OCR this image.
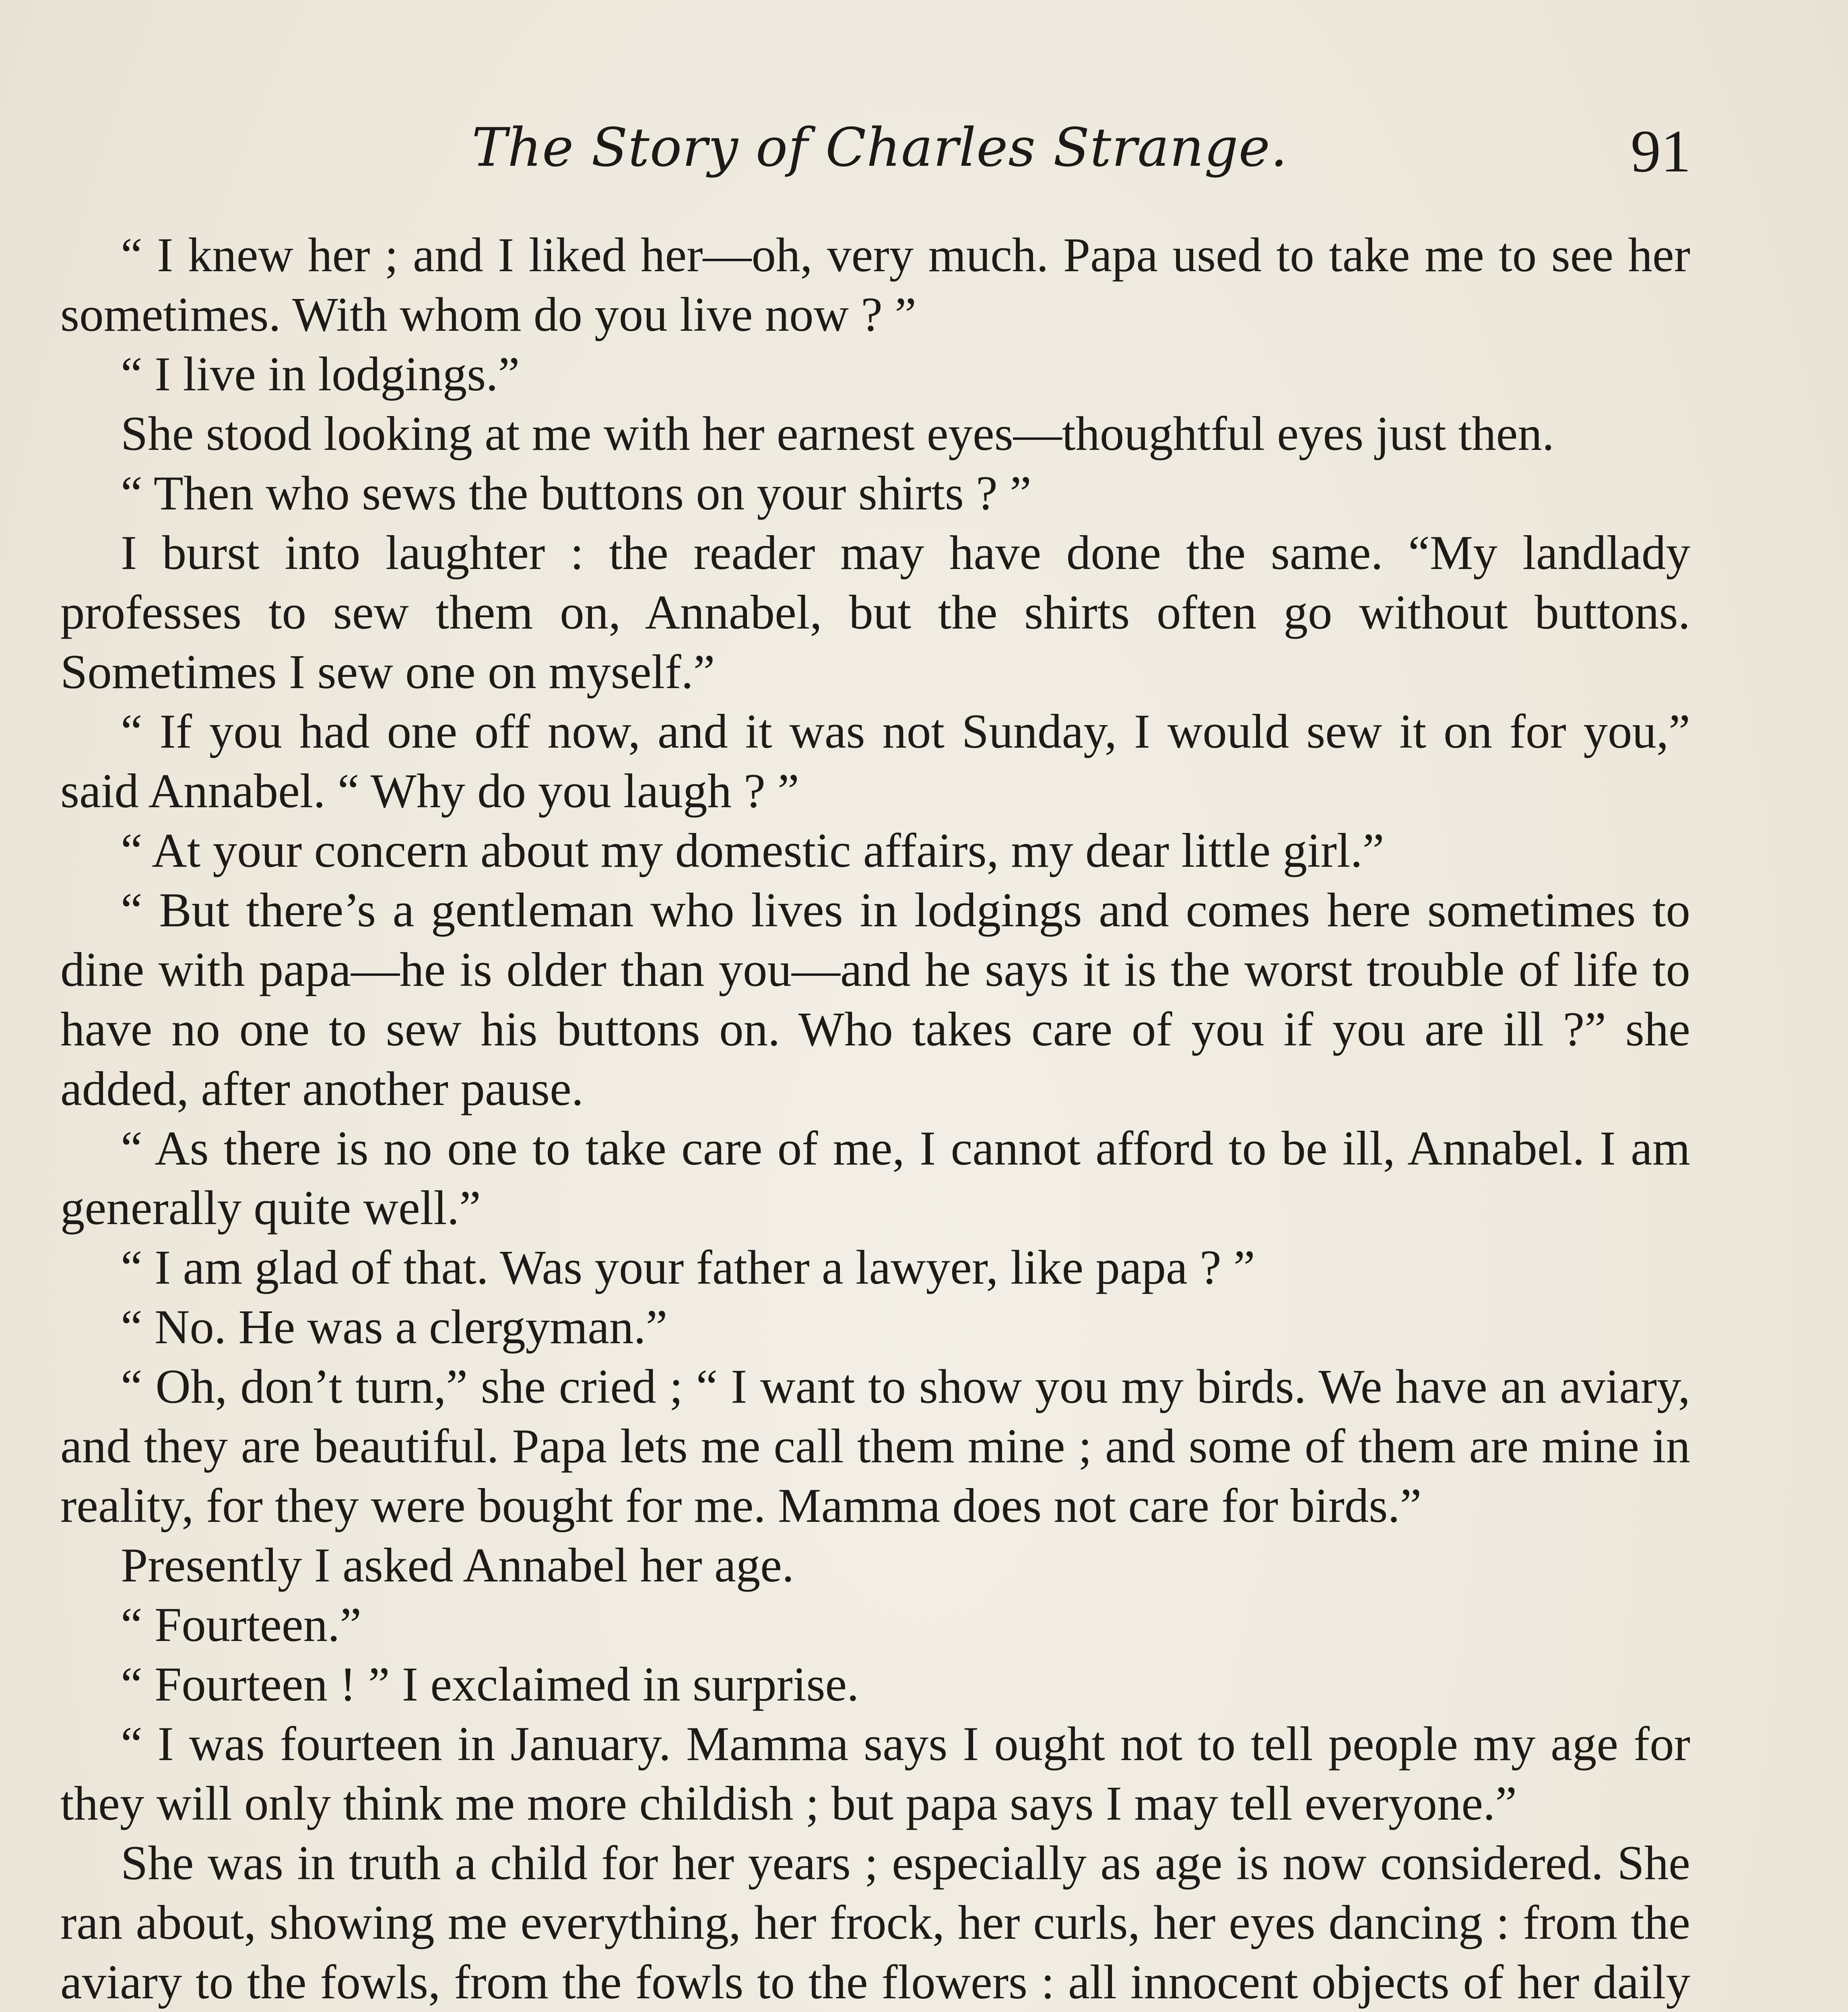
The Story of Charles Strange.	91

“ I knew her ; and I liked her—oh, very much. Papa used to take me to see her sometimes. With whom do you live now ? ”

“ I live in lodgings.”

She stood looking at me with her earnest eyes—thoughtful eyes just then.

“ Then who sews the buttons on your shirts ? ”

I burst into laughter : the reader may have done the same. “My landlady professes to sew them on, Annabel, but the shirts often go without buttons. Sometimes I sew one on myself.”

“ If you had one off now, and it was not Sunday, I would sew it on for you,” said Annabel. “ Why do you laugh ? ”

“ At your concern about my domestic affairs, my dear little girl.”

“ But there’s a gentleman who lives in lodgings and comes here sometimes to dine with papa—he is older than you—and he says it is the worst trouble of life to have no one to sew his buttons on. Who takes care of you if you are ill ?” she added, after another pause.

“ As there is no one to take care of me, I cannot afford to be ill, Annabel. I am generally quite well.”

“ I am glad of that. Was your father a lawyer, like papa ? ”

“ No. He was a clergyman.”

“ Oh, don’t turn,” she cried ; “ I want to show you my birds. We have an aviary, and they are beautiful. Papa lets me call them mine ; and some of them are mine in reality, for they were bought for me. Mamma does not care for birds.”

Presently I asked Annabel her age.

“ Fourteen.”

“ Fourteen ! ” I exclaimed in surprise.

“ I was fourteen in January. Mamma says I ought not to tell people my age for they will only think me more childish ; but papa says I may tell everyone.”

She was in truth a child for her years ; especially as age is now considered. She ran about, showing me everything, her frock, her curls, her eyes dancing : from the aviary to the fowls, from the fowls to the flowers : all innocent objects of her daily
